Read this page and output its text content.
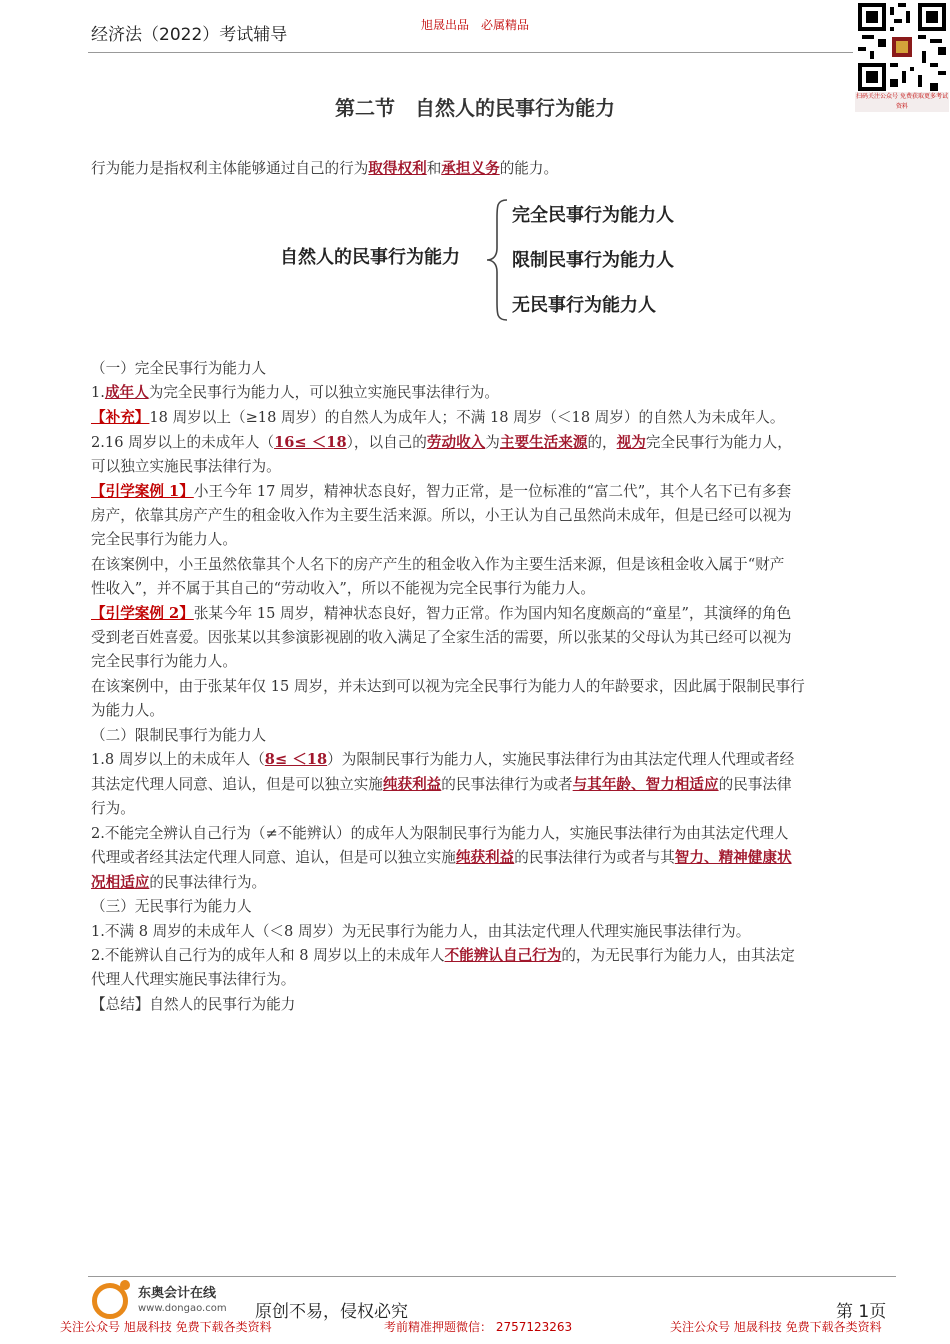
经济法（2022）考试辅导	旭晟出品　必属精品
扫码关注公众号 免费获取更多考试资料
第二节　自然人的民事行为能力
行为能力是指权利主体能够通过自己的行为取得权利和承担义务的能力。
自然人的民事行为能力
完全民事行为能力人
限制民事行为能力人
无民事行为能力人
（一）完全民事行为能力人
1.成年人为完全民事行为能力人，可以独立实施民事法律行为。
【补充】18 周岁以上（≥18 周岁）的自然人为成年人；不满 18 周岁（＜18 周岁）的自然人为未成年人。
2.16 周岁以上的未成年人（16≤ ＜18），以自己的劳动收入为主要生活来源的，视为完全民事行为能力人，
可以独立实施民事法律行为。
【引学案例 1】小王今年 17 周岁，精神状态良好，智力正常，是一位标准的“富二代”，其个人名下已有多套
房产，依靠其房产产生的租金收入作为主要生活来源。所以，小王认为自己虽然尚未成年，但是已经可以视为
完全民事行为能力人。
在该案例中，小王虽然依靠其个人名下的房产产生的租金收入作为主要生活来源，但是该租金收入属于“财产
性收入”，并不属于其自己的“劳动收入”，所以不能视为完全民事行为能力人。
【引学案例 2】张某今年 15 周岁，精神状态良好，智力正常。作为国内知名度颇高的“童星”，其演绎的角色
受到老百姓喜爱。因张某以其参演影视剧的收入满足了全家生活的需要，所以张某的父母认为其已经可以视为
完全民事行为能力人。
在该案例中，由于张某年仅 15 周岁，并未达到可以视为完全民事行为能力人的年龄要求，因此属于限制民事行
为能力人。
（二）限制民事行为能力人
1.8 周岁以上的未成年人（8≤ ＜18）为限制民事行为能力人，实施民事法律行为由其法定代理人代理或者经
其法定代理人同意、追认，但是可以独立实施纯获利益的民事法律行为或者与其年龄、智力相适应的民事法律
行为。
2.不能完全辨认自己行为（≠不能辨认）的成年人为限制民事行为能力人，实施民事法律行为由其法定代理人
代理或者经其法定代理人同意、追认，但是可以独立实施纯获利益的民事法律行为或者与其智力、精神健康状
况相适应的民事法律行为。
（三）无民事行为能力人
1.不满 8 周岁的未成年人（＜8 周岁）为无民事行为能力人，由其法定代理人代理实施民事法律行为。
2.不能辨认自己行为的成年人和 8 周岁以上的未成年人不能辨认自己行为的，为无民事行为能力人，由其法定
代理人代理实施民事法律行为。
【总结】自然人的民事行为能力
东奥会计在线
www.dongao.com 原创不易，侵权必究	第 1页
关注公众号 旭晟科技 免费下载各类资料	考前精准押题微信： 2757123263	关注公众号 旭晟科技 免费下载各类资料
